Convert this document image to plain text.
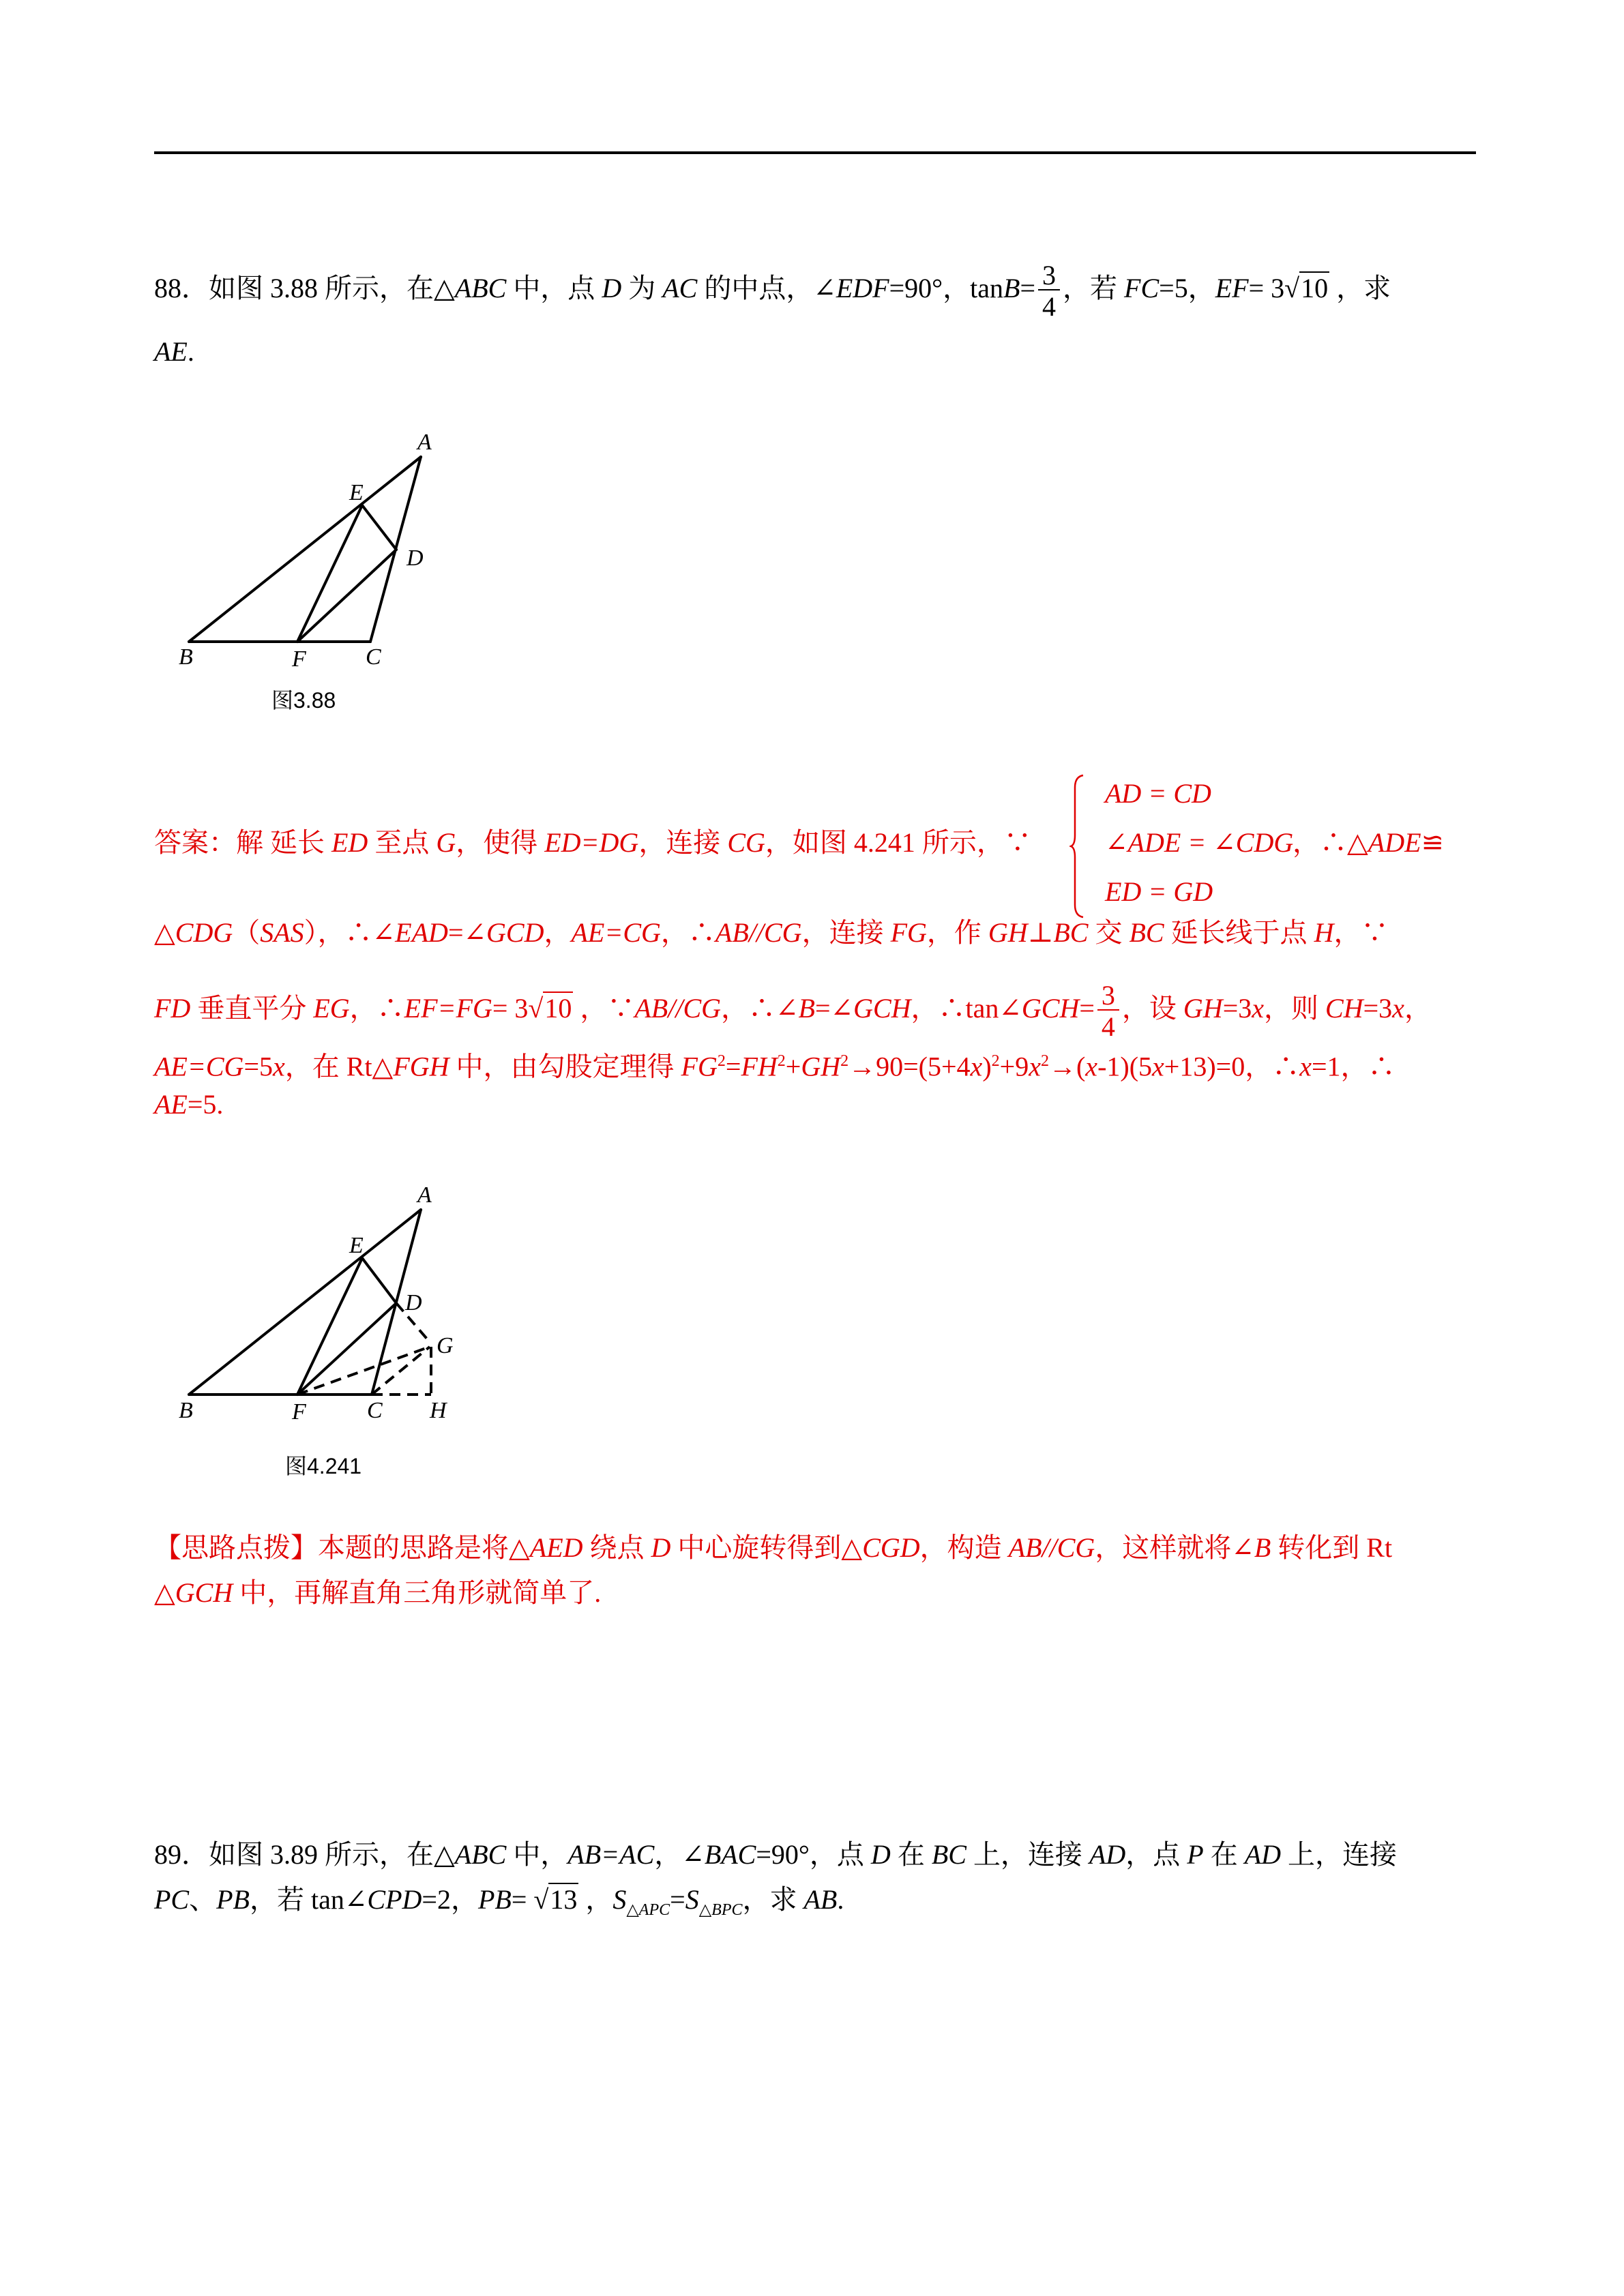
88．如图 3.88 所示，在△ABC 中，点 D 为 AC 的中点，∠EDF=90°，$\tan B= \frac{3}{4}$ ，若 FC=5，EF= 3√10 ，求
AE.
A
E
D
B	F	C
图3.88
答案：解 延长 ED 至点 G，使得 ED=DG，连接 CG，如图 4.241 所示，∵
AD = CD
∠ADE = ∠CDG
ED = GD
，∴△ADE≌
△CDG（SAS），∴∠EAD=∠GCD，AE=CG，∴AB//CG，连接 FG，作 GH⊥BC 交 BC 延长线于点 H，∵
FD 垂直平分 EG，∴EF=FG= 3√10 ，∵AB//CG，∴∠B=∠GCH，∴tan∠GCH= $\frac{3}{4}$ ，设 GH=3x，则 CH=3x，
AE=CG=5x，在 Rt△FGH 中，由勾股定理得 $FG^2=FH^2+GH^2\to 90=(5+4x)^2+9x^2\to(x-1)(5x+13)=0$，∴x=1，∴
AE=5.
A
E
D
G
B	F	C H
图4.241
【思路点拨】本题的思路是将△AED 绕点 D 中心旋转得到△CGD，构造 AB//CG，这样就将∠B 转化到 Rt
△GCH 中，再解直角三角形就简单了.
89．如图 3.89 所示，在△ABC 中，AB=AC，∠BAC=90°，点 D 在 BC 上，连接 AD，点 P 在 AD 上，连接
PC、PB，若 tan∠CPD=2，PB= √13 ，$S_{\triangle APC}=S_{\triangle BPC}$，求 AB.
